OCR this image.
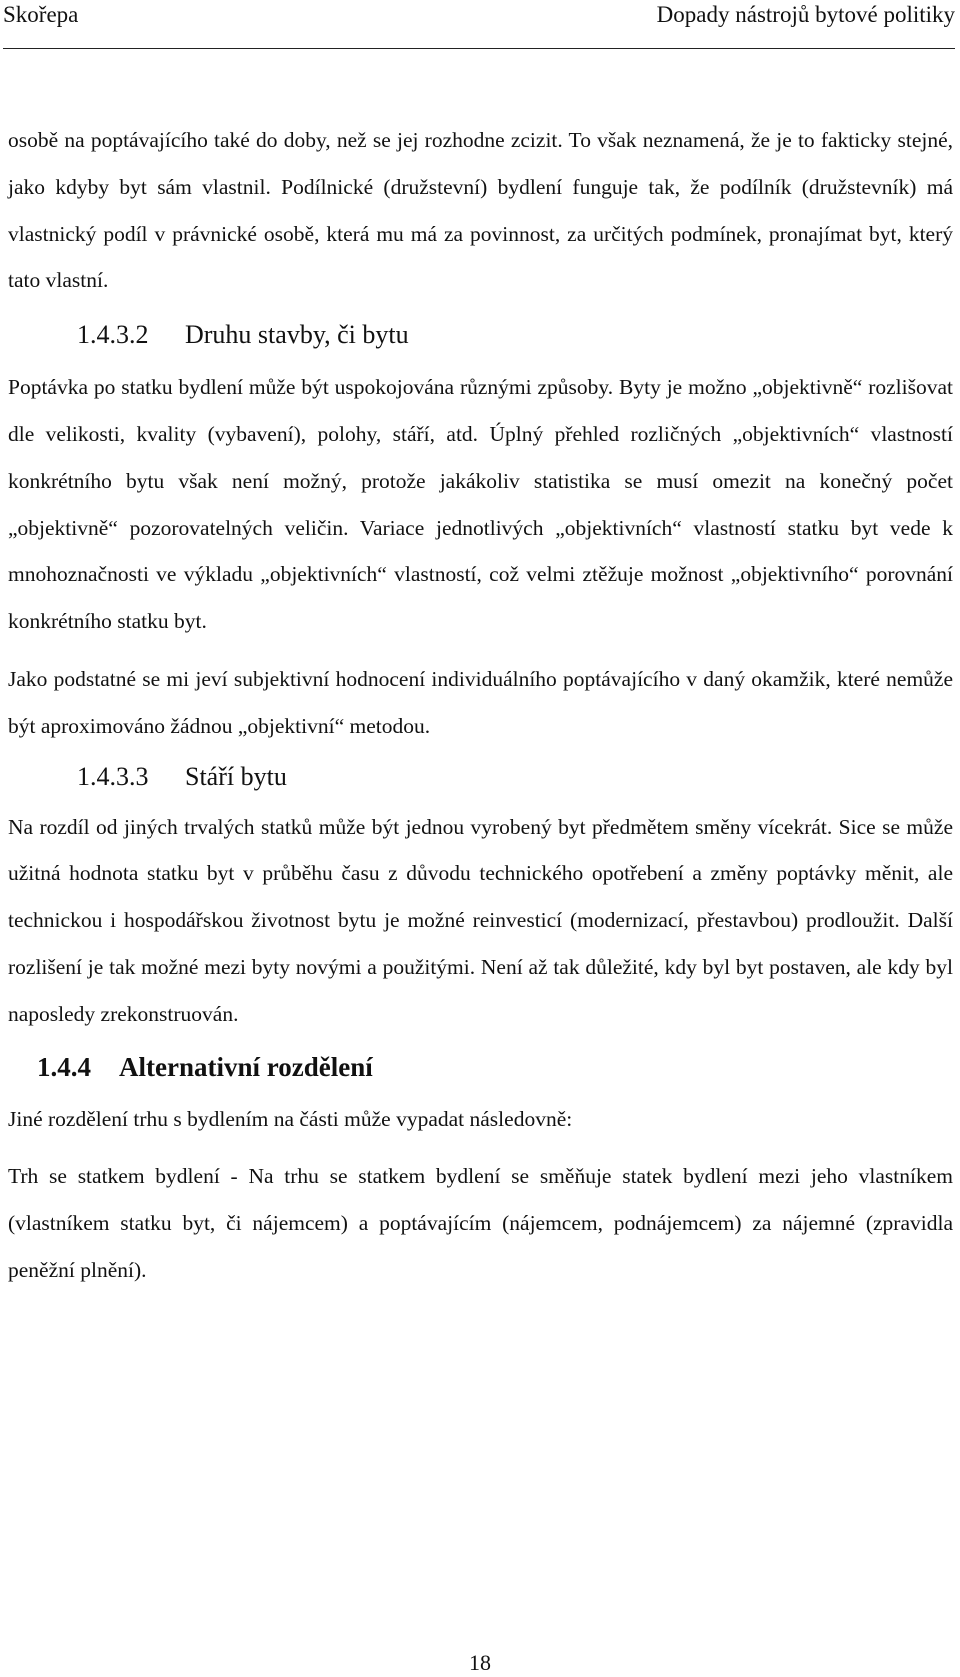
Skořepa	Dopady nástrojů bytové politiky

osobě na poptávajícího také do doby, než se jej rozhodne zcizit. To však neznamená, že je to fakticky stejné, jako kdyby byt sám vlastnil. Podílnické (družstevní) bydlení funguje tak, že podílník (družstevník) má vlastnický podíl v právnické osobě, která mu má za povinnost, za určitých podmínek, pronajímat byt, který tato vlastní.

1.4.3.2 Druhu stavby, či bytu

Poptávka po statku bydlení může být uspokojována různými způsoby. Byty je možno „objektivně“ rozlišovat dle velikosti, kvality (vybavení), polohy, stáří, atd. Úplný přehled rozličných „objektivních“ vlastností konkrétního bytu však není možný, protože jakákoliv statistika se musí omezit na konečný počet „objektivně“ pozorovatelných veličin. Variace jednotlivých „objektivních“ vlastností statku byt vede k mnohoznačnosti ve výkladu „objektivních“ vlastností, což velmi ztěžuje možnost „objektivního“ porovnání konkrétního statku byt.

Jako podstatné se mi jeví subjektivní hodnocení individuálního poptávajícího v daný okamžik, které nemůže být aproximováno žádnou „objektivní“ metodou.

1.4.3.3 Stáří bytu

Na rozdíl od jiných trvalých statků může být jednou vyrobený byt předmětem směny vícekrát. Sice se může užitná hodnota statku byt v průběhu času z důvodu technického opotřebení a změny poptávky měnit, ale technickou i hospodářskou životnost bytu je možné reinvesticí (modernizací, přestavbou) prodloužit. Další rozlišení je tak možné mezi byty novými a použitými. Není až tak důležité, kdy byl byt postaven, ale kdy byl naposledy zrekonstruován.

1.4.4 Alternativní rozdělení

Jiné rozdělení trhu s bydlením na části může vypadat následovně:

Trh se statkem bydlení - Na trhu se statkem bydlení se směňuje statek bydlení mezi jeho vlastníkem (vlastníkem statku byt, či nájemcem) a poptávajícím (nájemcem, podnájemcem) za nájemné (zpravidla peněžní plnění).

18
